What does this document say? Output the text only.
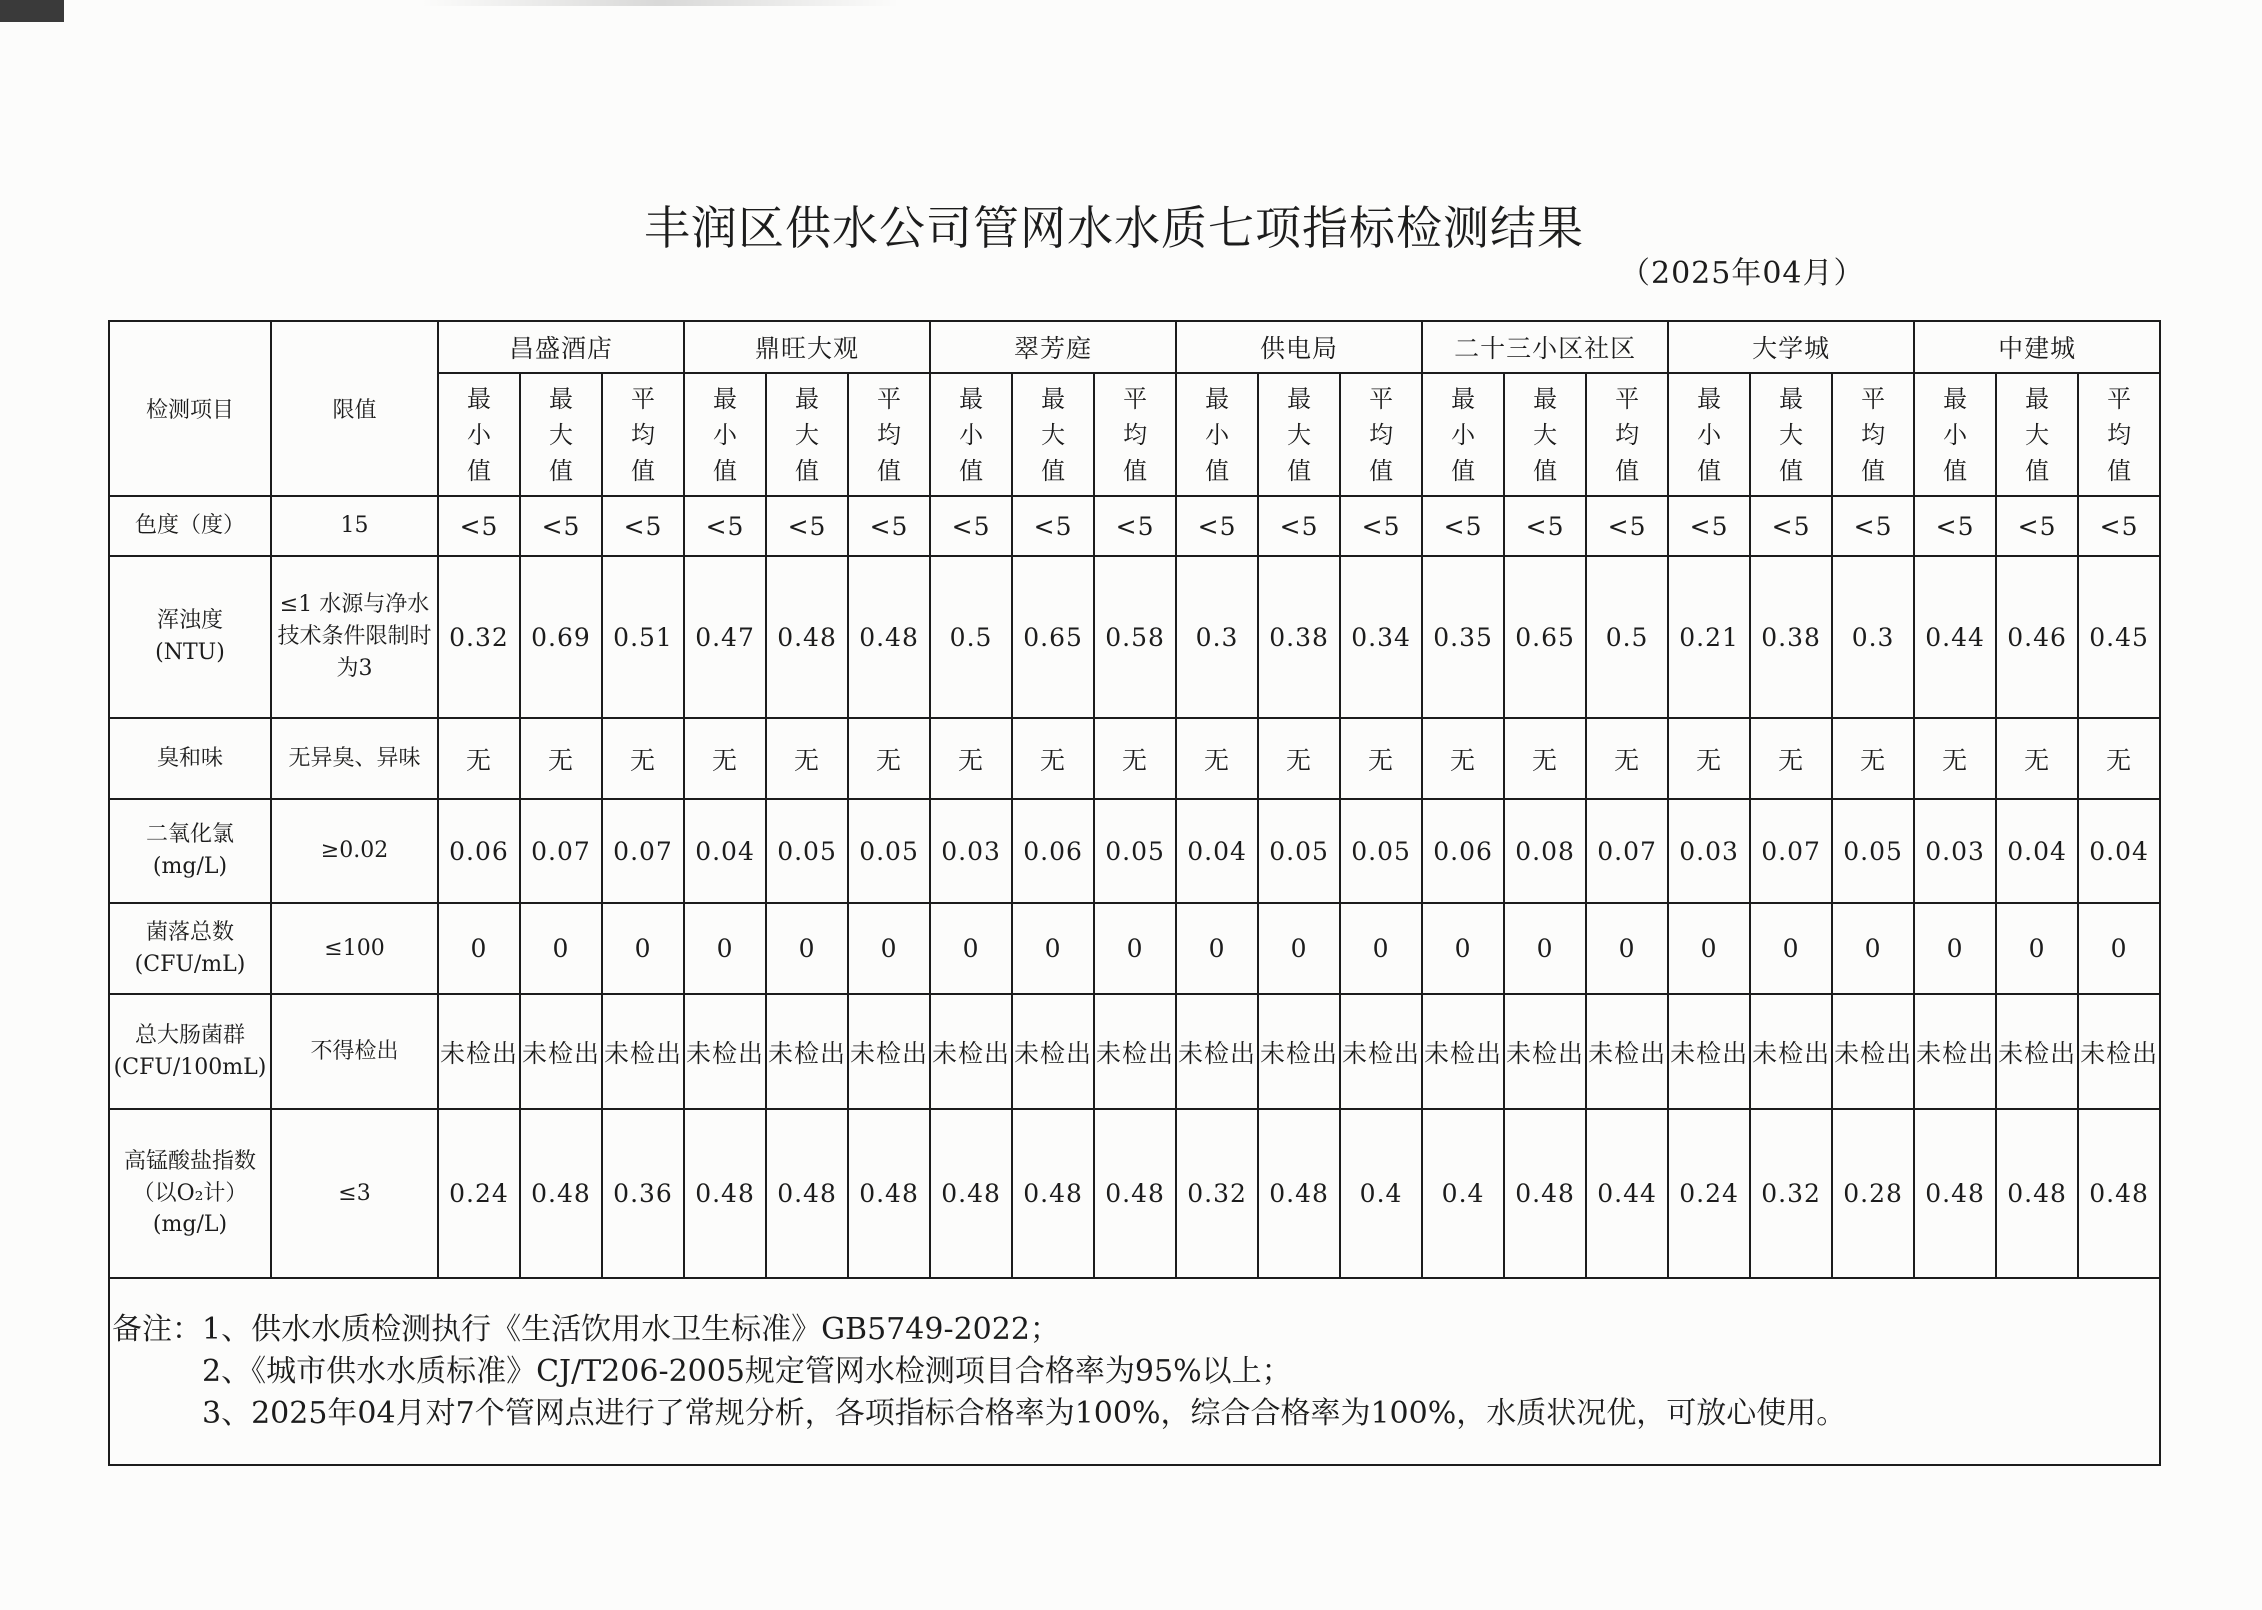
丰润区供水公司管网水水质七项指标检测结果
（2025年04月）
检测项目	限值	昌盛酒店			鼎旺大观			翠芳庭			供电局			二十三小区社区			大学城			中建城		
		最小值	最大值	平均值	最小值	最大值	平均值	最小值	最大值	平均值	最小值	最大值	平均值	最小值	最大值	平均值	最小值	最大值	平均值	最小值	最大值	平均值

色度（度）	15	<5	<5	<5	<5	<5	<5	<5	<5	<5	<5	<5	<5	<5	<5	<5	<5	<5	<5	<5	<5	<5

浑浊度
(NTU)	≤1 水源与净水技术条件限制时为3	0.32	0.69	0.51	0.47	0.48	0.48	0.5	0.65	0.58	0.3	0.38	0.34	0.35	0.65	0.5	0.21	0.38	0.3	0.44	0.46	0.45

臭和味	无异臭、异味	无	无	无	无	无	无	无	无	无	无	无	无	无	无	无	无	无	无	无	无	无

二氧化氯
(mg/L)	≥0.02	0.06	0.07	0.07	0.04	0.05	0.05	0.03	0.06	0.05	0.04	0.05	0.05	0.06	0.08	0.07	0.03	0.07	0.05	0.03	0.04	0.04

菌落总数
(CFU/mL)	≤100	0	0	0	0	0	0	0	0	0	0	0	0	0	0	0	0	0	0	0	0	0

总大肠菌群
(CFU/100mL)	不得检出	未检出	未检出	未检出	未检出	未检出	未检出	未检出	未检出	未检出	未检出	未检出	未检出	未检出	未检出	未检出	未检出	未检出	未检出	未检出	未检出	未检出

高锰酸盐指数
（以O₂计）
(mg/L)	≤3	0.24	0.48	0.36	0.48	0.48	0.48	0.48	0.48	0.48	0.32	0.48	0.4	0.4	0.48	0.44	0.24	0.32	0.28	0.48	0.48	0.48

备注： 1、供水水质检测执行《生活饮用水卫生标准》GB5749-2022；
2、《城市供水水质标准》CJ/T206-2005规定管网水检测项目合格率为95%以上；
3、2025年04月对7个管网点进行了常规分析，各项指标合格率为100%，综合合格率为100%，水质状况优，可放心使用。																						
